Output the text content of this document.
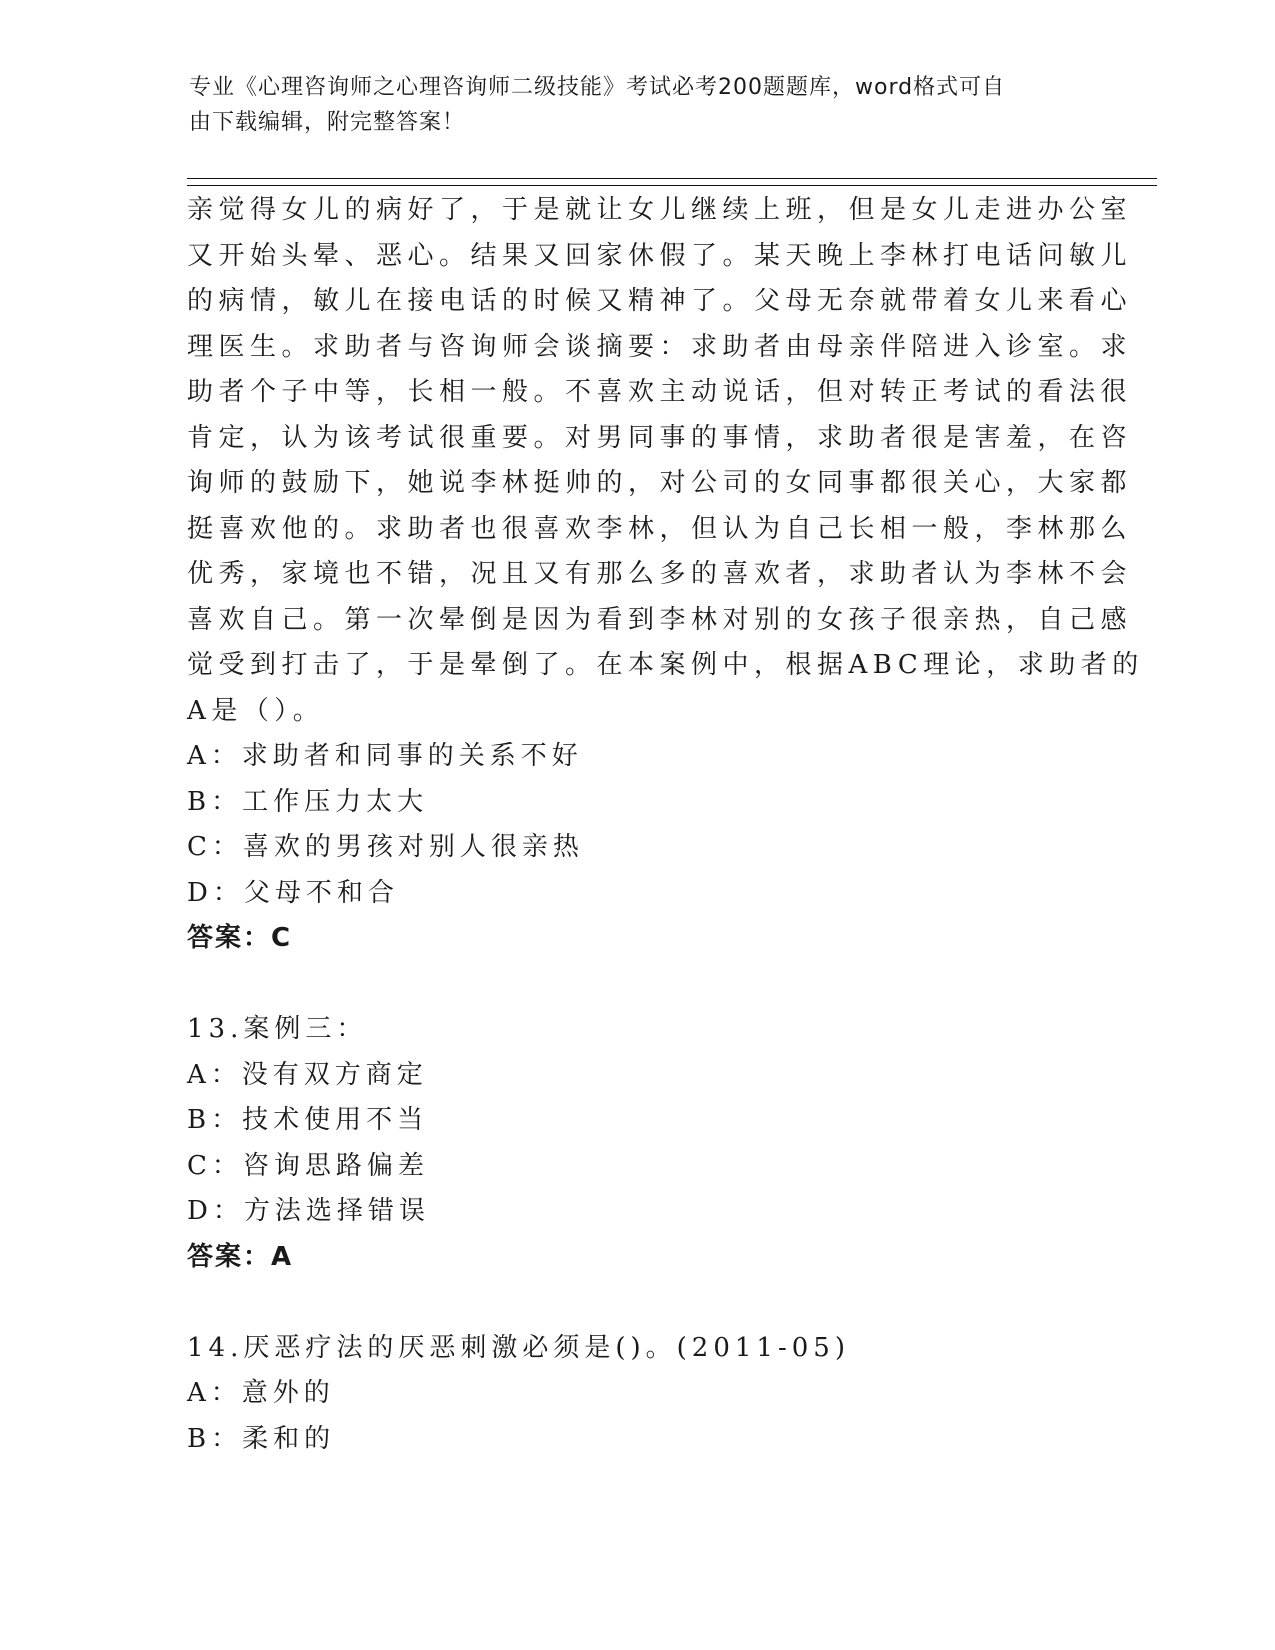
专业《心理咨询师之心理咨询师二级技能》考试必考200题题库，word格式可自
由下载编辑，附完整答案！
亲觉得女儿的病好了，于是就让女儿继续上班，但是女儿走进办公室
又开始头晕、恶心。结果又回家休假了。某天晚上李林打电话问敏儿
的病情，敏儿在接电话的时候又精神了。父母无奈就带着女儿来看心
理医生。求助者与咨询师会谈摘要：求助者由母亲伴陪进入诊室。求
助者个子中等，长相一般。不喜欢主动说话，但对转正考试的看法很
肯定，认为该考试很重要。对男同事的事情，求助者很是害羞，在咨
询师的鼓励下，她说李林挺帅的，对公司的女同事都很关心，大家都
挺喜欢他的。求助者也很喜欢李林，但认为自己长相一般，李林那么
优秀，家境也不错，况且又有那么多的喜欢者，求助者认为李林不会
喜欢自己。第一次晕倒是因为看到李林对别的女孩子很亲热，自己感
觉受到打击了，于是晕倒了。在本案例中，根据ABC理论，求助者的
A是（）。
A：求助者和同事的关系不好
B：工作压力太大
C：喜欢的男孩对别人很亲热
D：父母不和合
答案：C
13.案例三：
A：没有双方商定
B：技术使用不当
C：咨询思路偏差
D：方法选择错误
答案：A
14.厌恶疗法的厌恶刺激必须是()。(2011-05)
A：意外的
B：柔和的
